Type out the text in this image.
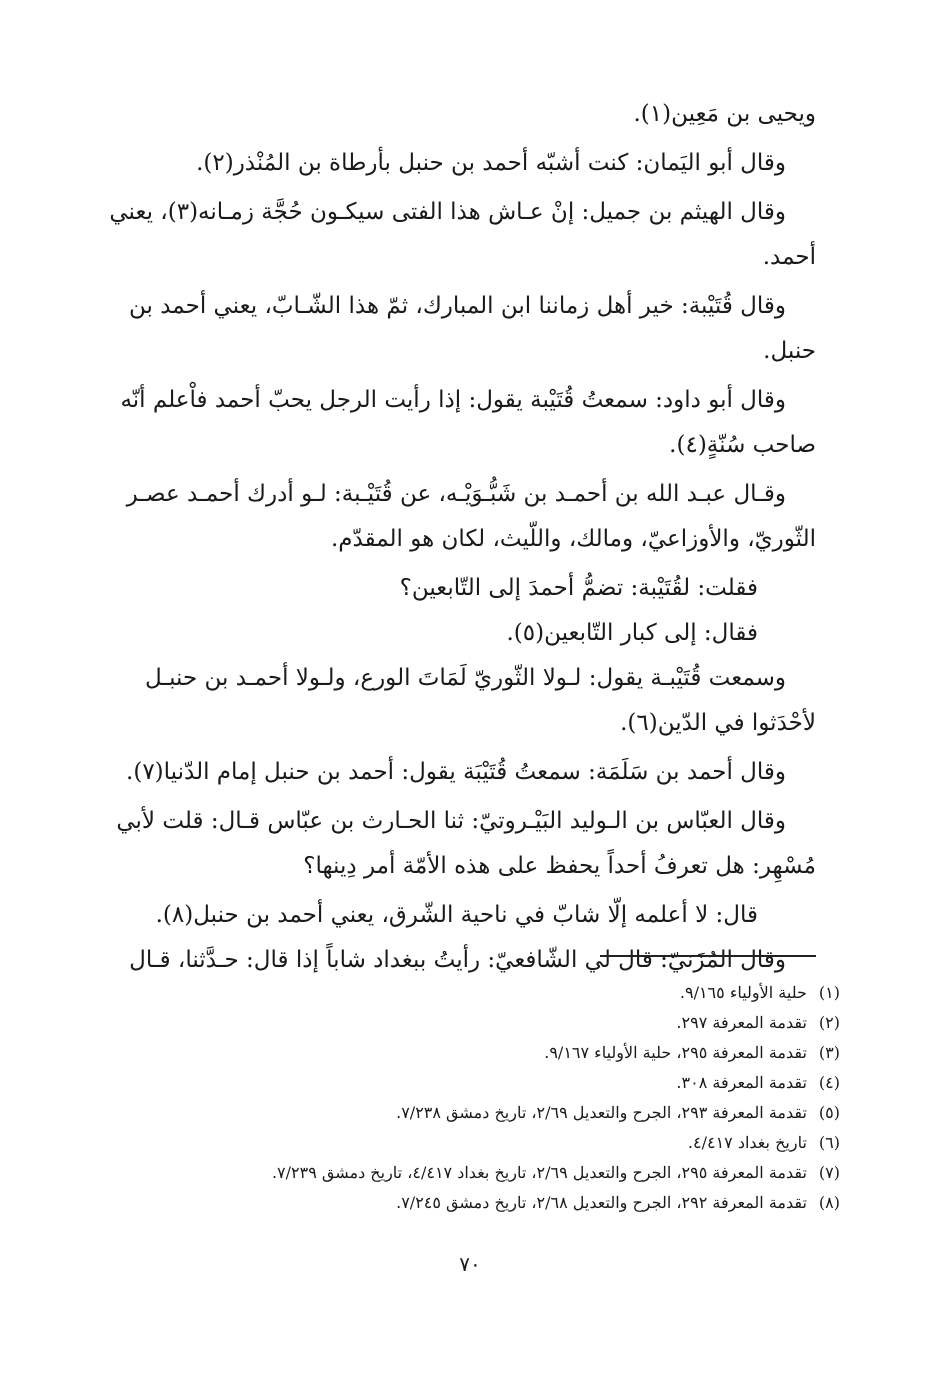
ويحيى بن مَعِين(١).

وقال أبو اليَمان: كنت أشبّه أحمد بن حنبل بأرطاة بن المُنْذر(٢).

وقال الهيثم بن جميل: إنْ عـاش هذا الفتى سيكـون حُجَّة زمـانه(٣)، يعني أحمد.

وقال قُتَيْبة: خير أهل زماننا ابن المبارك، ثمّ هذا الشّـابّ، يعني أحمد بن حنبل.

وقال أبو داود: سمعتُ قُتَيْبة يقول: إذا رأيت الرجل يحبّ أحمد فاْعلم أنّه صاحب سُنّةٍ(٤).

وقـال عبـد الله بن أحمـد بن شَبُّـوَيْـه، عن قُتَيْـبة: لـو أدرك أحمـد عصـر الثّوريّ، والأوزاعيّ، ومالك، واللّيث، لكان هو المقدّم.

فقلت: لقُتَيْبة: تضمُّ أحمدَ إلى التّابعين؟

فقال: إلى كبار التّابعين(٥).

وسمعت قُتَيْبـة يقول: لـولا الثّوريّ لَمَاتَ الورع، ولـولا أحمـد بن حنبـل لأحْدَثوا في الدّين(٦).

وقال أحمد بن سَلَمَة: سمعتُ قُتَيْبَة يقول: أحمد بن حنبل إمام الدّنيا(٧).

وقال العبّاس بن الـوليد البَيْـروتيّ: ثنا الحـارث بن عبّاس قـال: قلت لأبي مُسْهِر: هل تعرفُ أحداً يحفظ على هذه الأمّة أمر دِينها؟

قال: لا أعلمه إلّا شابّ في ناحية الشّرق، يعني أحمد بن حنبل(٨).

وقال المُزَنيّ: قال لي الشّافعيّ: رأيتُ ببغداد شاباً إذا قال: حـدَّثنا، قـال

(١)حلية الأولياء ٩/١٦٥.
(٢)تقدمة المعرفة ٢٩٧.
(٣)تقدمة المعرفة ٢٩٥، حلية الأولياء ٩/١٦٧.
(٤)تقدمة المعرفة ٣٠٨.
(٥)تقدمة المعرفة ٢٩٣، الجرح والتعديل ٢/٦٩، تاريخ دمشق ٧/٢٣٨.
(٦)تاريخ بغداد ٤/٤١٧.
(٧)تقدمة المعرفة ٢٩٥، الجرح والتعديل ٢/٦٩، تاريخ بغداد ٤/٤١٧، تاريخ دمشق ٧/٢٣٩.
(٨)تقدمة المعرفة ٢٩٢، الجرح والتعديل ٢/٦٨، تاريخ دمشق ٧/٢٤٥.
٧٠
